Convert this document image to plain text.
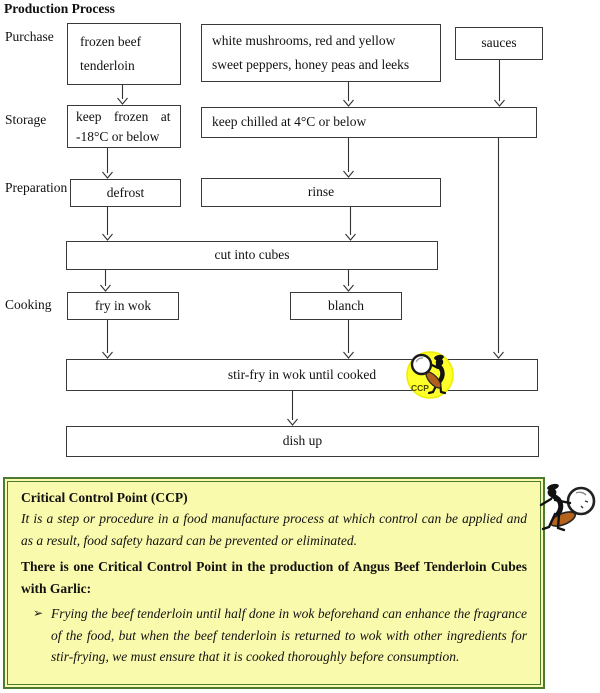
Production Process
Purchase
Storage
Preparation
Cooking
frozen beef
tenderloin
white mushrooms, red and yellow
sweet peppers, honey peas and leeks
sauces
keep frozen at
-18°C or below
keep chilled at 4°C or below
defrost	rinse
cut into cubes
fry in wok	blanch
stir-fry in wok until cooked
dish up
CCP

Critical Control Point (CCP)

It is a step or procedure in a food manufacture process at which control can be applied and as a result, food safety hazard can be prevented or eliminated.

There is one Critical Control Point in the production of Angus Beef Tenderloin Cubes with Garlic:

➢ Frying the beef tenderloin until half done in wok beforehand can enhance the fragrance of the food, but when the beef tenderloin is returned to wok with other ingredients for stir-frying, we must ensure that it is cooked thoroughly before consumption.
